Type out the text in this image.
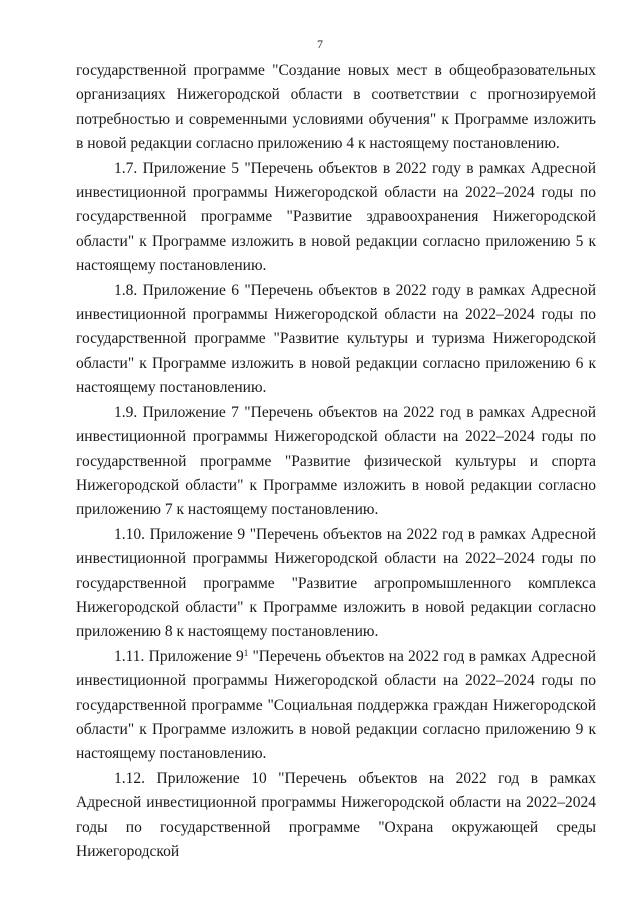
7

государственной программе "Создание новых мест в общеобразовательных организациях Нижегородской области в соответствии с прогнозируемой потребностью и современными условиями обучения" к Программе изложить в новой редакции согласно приложению 4 к настоящему постановлению.

1.7. Приложение 5 "Перечень объектов в 2022 году в рамках Адресной инвестиционной программы Нижегородской области на 2022–2024 годы по государственной программе "Развитие здравоохранения Нижегородской области" к Программе изложить в новой редакции согласно приложению 5 к настоящему постановлению.

1.8. Приложение 6 "Перечень объектов в 2022 году в рамках Адресной инвестиционной программы Нижегородской области на 2022–2024 годы по государственной программе "Развитие культуры и туризма Нижегородской области" к Программе изложить в новой редакции согласно приложению 6 к настоящему постановлению.

1.9. Приложение 7 "Перечень объектов на 2022 год в рамках Адресной инвестиционной программы Нижегородской области на 2022–2024 годы по государственной программе "Развитие физической культуры и спорта Нижегородской области" к Программе изложить в новой редакции согласно приложению 7 к настоящему постановлению.

1.10. Приложение 9 "Перечень объектов на 2022 год в рамках Адресной инвестиционной программы Нижегородской области на 2022–2024 годы по государственной программе "Развитие агропромышленного комплекса Нижегородской области" к Программе изложить в новой редакции согласно приложению 8 к настоящему постановлению.

1.11. Приложение $9^1$ "Перечень объектов на 2022 год в рамках Адресной инвестиционной программы Нижегородской области на 2022–2024 годы по государственной программе "Социальная поддержка граждан Нижегородской области" к Программе изложить в новой редакции согласно приложению 9 к настоящему постановлению.

1.12. Приложение 10 "Перечень объектов на 2022 год в рамках Адресной инвестиционной программы Нижегородской области на 2022–2024 годы по государственной программе "Охрана окружающей среды Нижегородской
